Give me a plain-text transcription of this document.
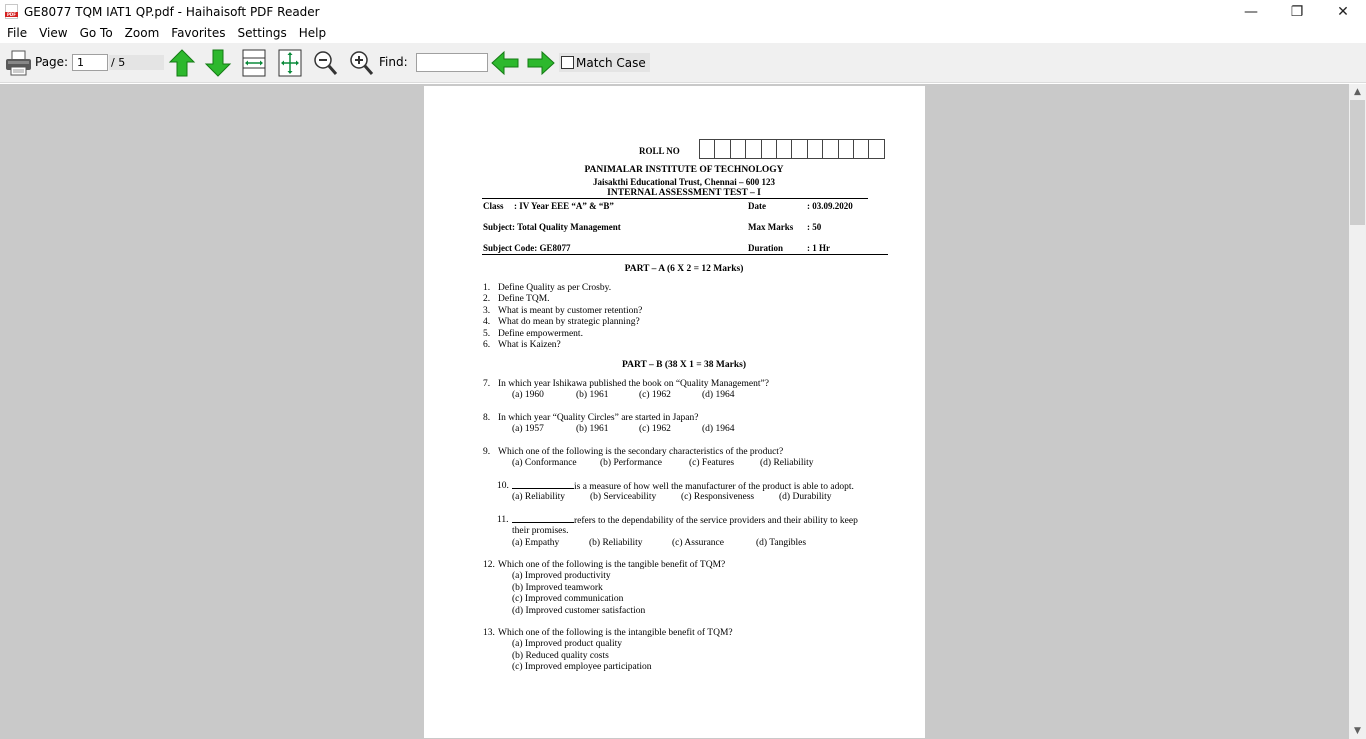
PDF
GE8077 TQM IAT1 QP.pdf - Haihaisoft PDF Reader	—	❐	✕
File	View	Go To	Zoom	Favorites	Settings	Help
Page: 1	/ 5	Find:	Match Case
ROLL NO
PANIMALAR INSTITUTE OF TECHNOLOGY
Jaisakthi Educational Trust, Chennai – 600 123
INTERNAL ASSESSMENT TEST – I
Class : IV Year EEE “A” & “B”	Date	: 03.09.2020
Subject: Total Quality Management	Max Marks : 50
Subject Code: GE8077	Duration	: 1 Hr
PART – A (6 X 2 = 12 Marks)
1. Define Quality as per Crosby.
2. Define TQM.
3. What is meant by customer retention?
4. What do mean by strategic planning?
5. Define empowerment.
6. What is Kaizen?
PART – B (38 X 1 = 38 Marks)
7. In which year Ishikawa published the book on “Quality Management”?
(a) 1960	(b) 1961	(c) 1962	(d) 1964
8. In which year “Quality Circles” are started in Japan?
(a) 1957	(b) 1961	(c) 1962	(d) 1964
9. Which one of the following is the secondary characteristics of the product?
(a) Conformance (b) Performance	(c) Features	(d) Reliability
10.	is a measure of how well the manufacturer of the product is able to adopt.
(a) Reliability	(b) Serviceability	(c) Responsiveness	(d) Durability
11.	refers to the dependability of the service providers and their ability to keep
their promises.
(a) Empathy	(b) Reliability	(c) Assurance	(d) Tangibles
12. Which one of the following is the tangible benefit of TQM?
(a) Improved productivity
(b) Improved teamwork
(c) Improved communication
(d) Improved customer satisfaction
13. Which one of the following is the intangible benefit of TQM?
(a) Improved product quality
(b) Reduced quality costs
(c) Improved employee participation
▲
▼
